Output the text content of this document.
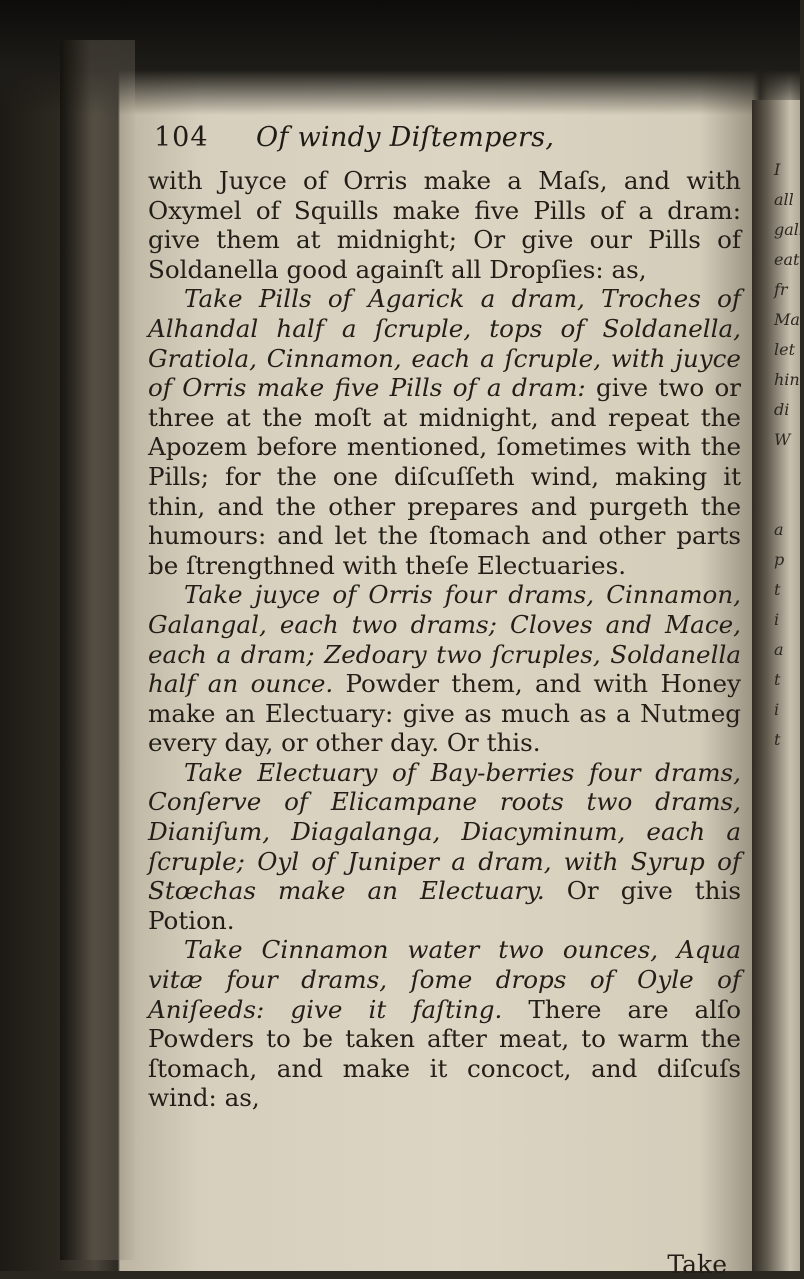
I
all
gall
eat
fr
Ma
let
hin
di
W
a
p
t
i
a
t
i
t
104	Of windy Diſtempers,

with Juyce of Orris make a Maſs, and with Oxymel of Squills make five Pills of a dram: give them at midnight; Or give our Pills of Soldanella good againſt all Dropſies: as,

Take Pills of Agarick a dram, Troches of Alhandal half a ſcruple, tops of Soldanella, Gratiola, Cinnamon, each a ſcruple, with juyce of Orris make five Pills of a dram: give two or three at the moſt at midnight, and repeat the Apozem before mentioned, ſometimes with the Pills; for the one diſcuſſeth wind, making it thin, and the other prepares and purgeth the humours: and let the ſtomach and other parts be ſtrengthned with theſe Electuaries.

Take juyce of Orris four drams, Cinnamon, Galangal, each two drams; Cloves and Mace, each a dram; Zedoary two ſcruples, Soldanella half an ounce. Powder them, and with Honey make an Electuary: give as much as a Nutmeg every day, or other day. Or this.

Take Electuary of Bay-berries four drams, Conſerve of Elicampane roots two drams, Dianiſum, Diagalanga, Diacyminum, each a ſcruple; Oyl of Juniper a dram, with Syrup of Stœchas make an Electuary. Or give this Potion.

Take Cinnamon water two ounces, Aqua vitæ four drams, ſome drops of Oyle of Aniſeeds: give it faſting. There are alſo Powders to be taken after meat, to warm the ſtomach, and make it concoct, and diſcuſs wind: as,

Take
